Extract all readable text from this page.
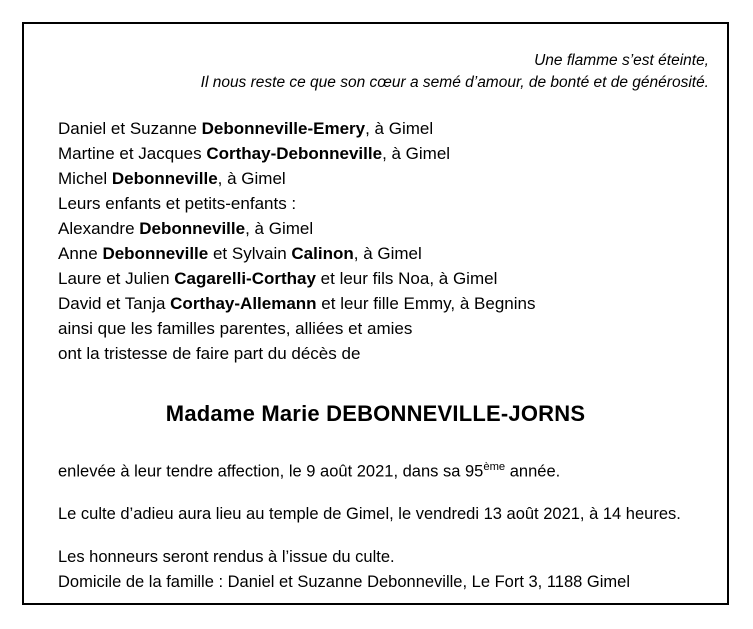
Une flamme s’est éteinte,
Il nous reste ce que son cœur a semé d’amour, de bonté et de générosité.
Daniel et Suzanne Debonneville-Emery, à Gimel
Martine et Jacques Corthay-Debonneville, à Gimel
Michel Debonneville, à Gimel
Leurs enfants et petits-enfants :
Alexandre Debonneville, à Gimel
Anne Debonneville et Sylvain Calinon, à Gimel
Laure et Julien Cagarelli-Corthay et leur fils Noa, à Gimel
David et Tanja Corthay-Allemann et leur fille Emmy, à Begnins
ainsi que les familles parentes, alliées et amies
ont la tristesse de faire part du décès de
Madame Marie DEBONNEVILLE-JORNS

enlevée à leur tendre affection, le 9 août 2021, dans sa 95ème année.

Le culte d’adieu aura lieu au temple de Gimel, le vendredi 13 août 2021, à 14 heures.

Les honneurs seront rendus à l’issue du culte.

Domicile de la famille : Daniel et Suzanne Debonneville, Le Fort 3, 1188 Gimel
